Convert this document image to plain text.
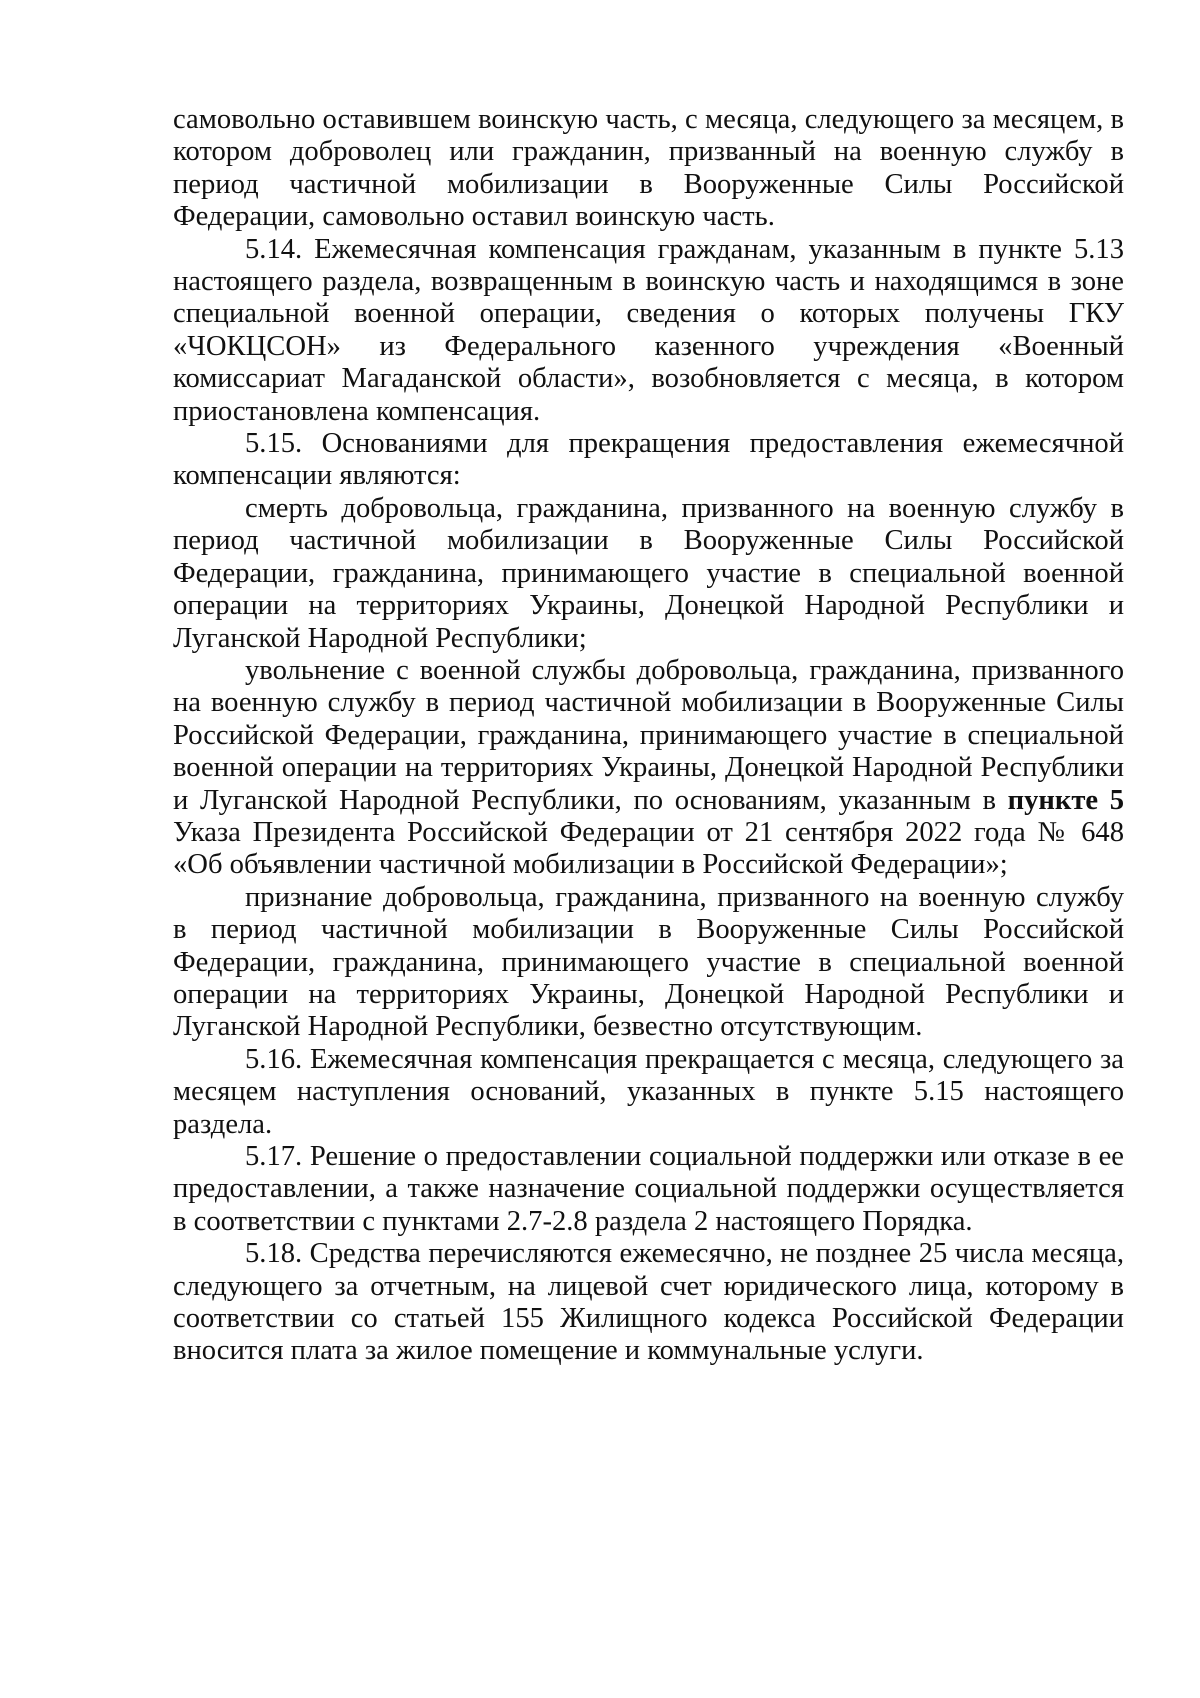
самовольно оставившем воинскую часть, с месяца, следующего за месяцем, в котором доброволец или гражданин, призванный на военную службу в период частичной мобилизации в Вооруженные Силы Российской Федерации, самовольно оставил воинскую часть.

5.14. Ежемесячная компенсация гражданам, указанным в пункте 5.13 настоящего раздела, возвращенным в воинскую часть и находящимся в зоне специальной военной операции, сведения о которых получены ГКУ «ЧОКЦСОН» из Федерального казенного учреждения «Военный комиссариат Магаданской области», возобновляется с месяца, в котором приостановлена компенсация.

5.15. Основаниями для прекращения предоставления ежемесячной компенсации являются:

смерть добровольца, гражданина, призванного на военную службу в период частичной мобилизации в Вооруженные Силы Российской Федерации, гражданина, принимающего участие в специальной военной операции на территориях Украины, Донецкой Народной Республики и Луганской Народной Республики;

увольнение с военной службы добровольца, гражданина, призванного на военную службу в период частичной мобилизации в Вооруженные Силы Российской Федерации, гражданина, принимающего участие в специальной военной операции на территориях Украины, Донецкой Народной Республики и Луганской Народной Республики, по основаниям, указанным в пункте 5 Указа Президента Российской Федерации от 21 сентября 2022 года № 648 «Об объявлении частичной мобилизации в Российской Федерации»;

признание добровольца, гражданина, призванного на военную службу в период частичной мобилизации в Вооруженные Силы Российской Федерации, гражданина, принимающего участие в специальной военной операции на территориях Украины, Донецкой Народной Республики и Луганской Народной Республики, безвестно отсутствующим.

5.16. Ежемесячная компенсация прекращается с месяца, следующего за месяцем наступления оснований, указанных в пункте 5.15 настоящего раздела.

5.17. Решение о предоставлении социальной поддержки или отказе в ее предоставлении, а также назначение социальной поддержки осуществляется в соответствии с пунктами 2.7-2.8 раздела 2 настоящего Порядка.

5.18. Средства перечисляются ежемесячно, не позднее 25 числа месяца, следующего за отчетным, на лицевой счет юридического лица, которому в соответствии со статьей 155 Жилищного кодекса Российской Федерации вносится плата за жилое помещение и коммунальные услуги.
